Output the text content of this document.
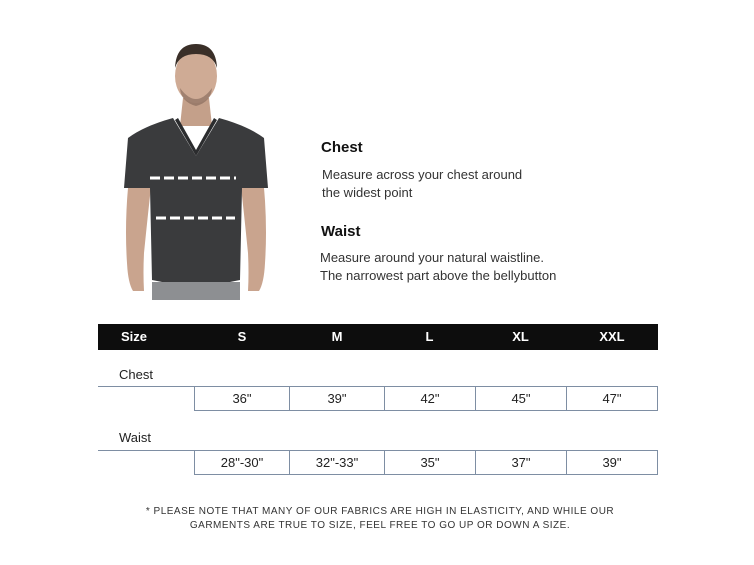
Chest
Measure across your chest around
the widest point
Waist
Measure around your natural waistline.
The narrowest part above the bellybutton
Size	S	M	L	XL	XXL
Chest
36"	39"	42"	45"	47"
Waist
28"-30"	32"-33"	35"	37"	39"
* PLEASE NOTE THAT MANY OF OUR FABRICS ARE HIGH IN ELASTICITY, AND WHILE OUR
GARMENTS ARE TRUE TO SIZE, FEEL FREE TO GO UP OR DOWN A SIZE.
